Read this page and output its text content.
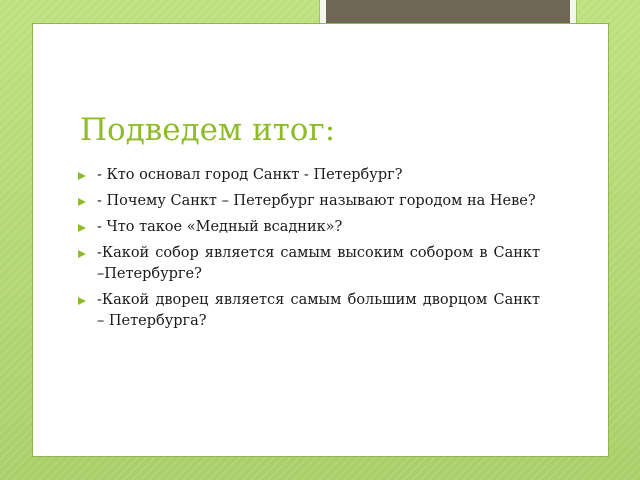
Подведем итог:
- Кто основал город Санкт - Петербург?
- Почему Санкт – Петербург называют городом на Неве?
- Что такое «Медный всадник»?
-Какой собор является самым высоким собором в Санкт –Петербурге?
-Какой дворец является самым большим дворцом Санкт – Петербурга?
